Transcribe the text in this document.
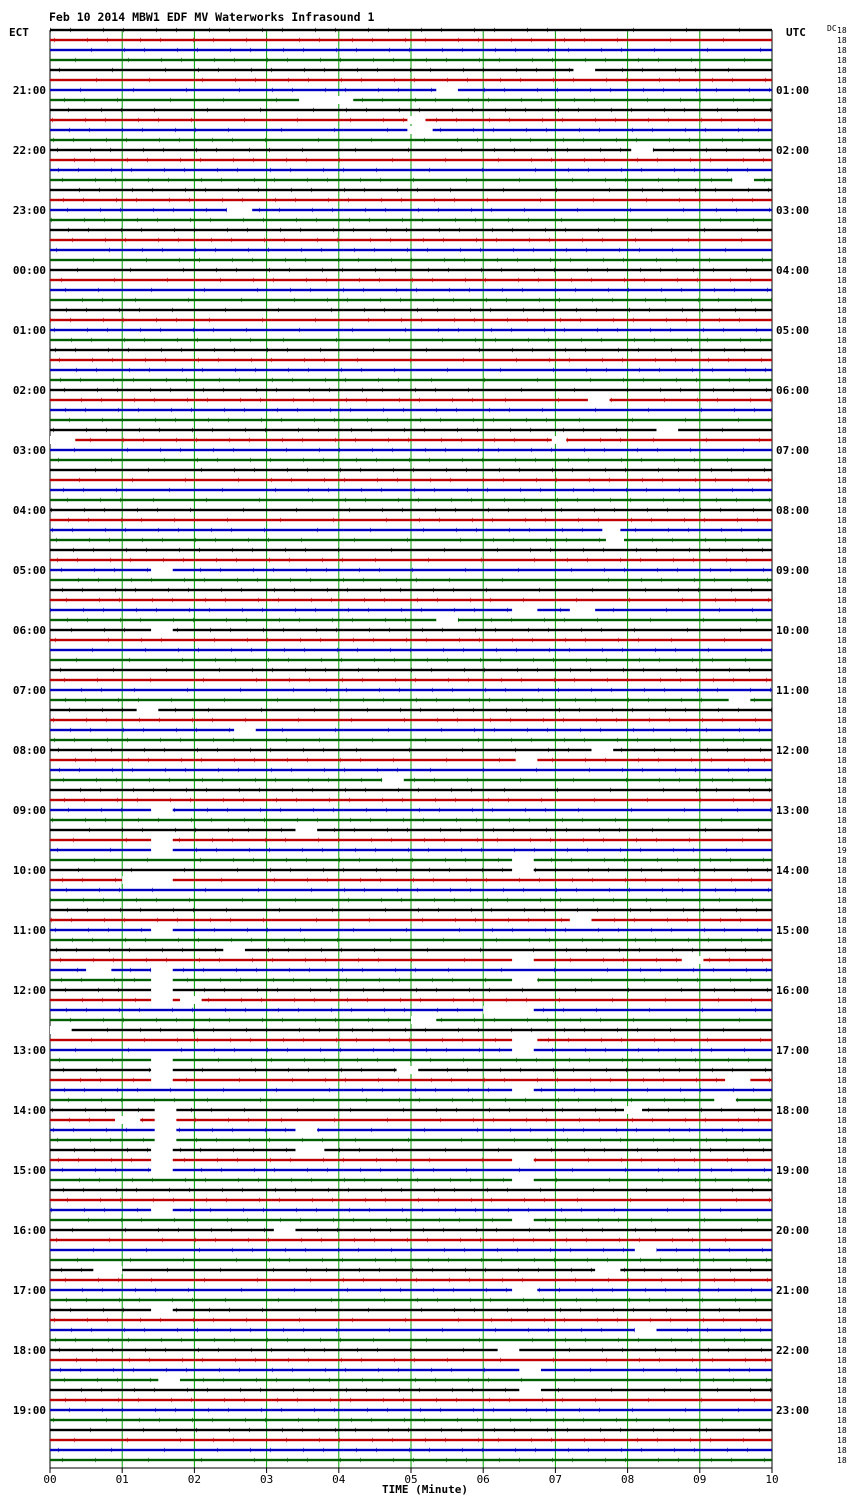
Feb 10 2014 MBW1 EDF MV Waterworks Infrasound 1
ECT	UTC	DC
00	01	02	03	04	05	06	07	08	09	10
21:00
22:00
23:00
00:00
01:00
02:00
03:00
04:00
05:00
06:00
07:00
08:00
09:00
10:00
11:00
12:00
13:00
14:00
15:00
16:00
17:00
18:00
19:00
01:00
02:00
03:00
04:00
05:00
06:00
07:00
08:00
09:00
10:00
11:00
12:00
13:00
14:00
15:00
16:00
17:00
18:00
19:00
20:00
21:00
22:00
23:00
18
18
18
18
18
18
18
18
18
18
18
18
18
18
18
18
18
18
18
18
18
18
18
18
18
18
18
18
18
18
18
18
18
18
18
18
18
18
18
18
18
18
18
18
18
18
18
18
18
18
18
18
18
18
18
18
18
18
18
18
18
18
18
18
18
18
18
18
18
18
18
18
18
18
18
18
18
18
18
18
18
18
19
18
18
18
18
18
18
18
18
18
18
18
18
18
18
18
18
18
18
18
18
18
18
18
18
18
18
18
18
18
18
18
18
18
18
18
18
18
18
18
18
18
18
18
18
18
18
18
18
18
18
18
18
18
18
18
18
18
18
18
18
18
TIME (Minute)
